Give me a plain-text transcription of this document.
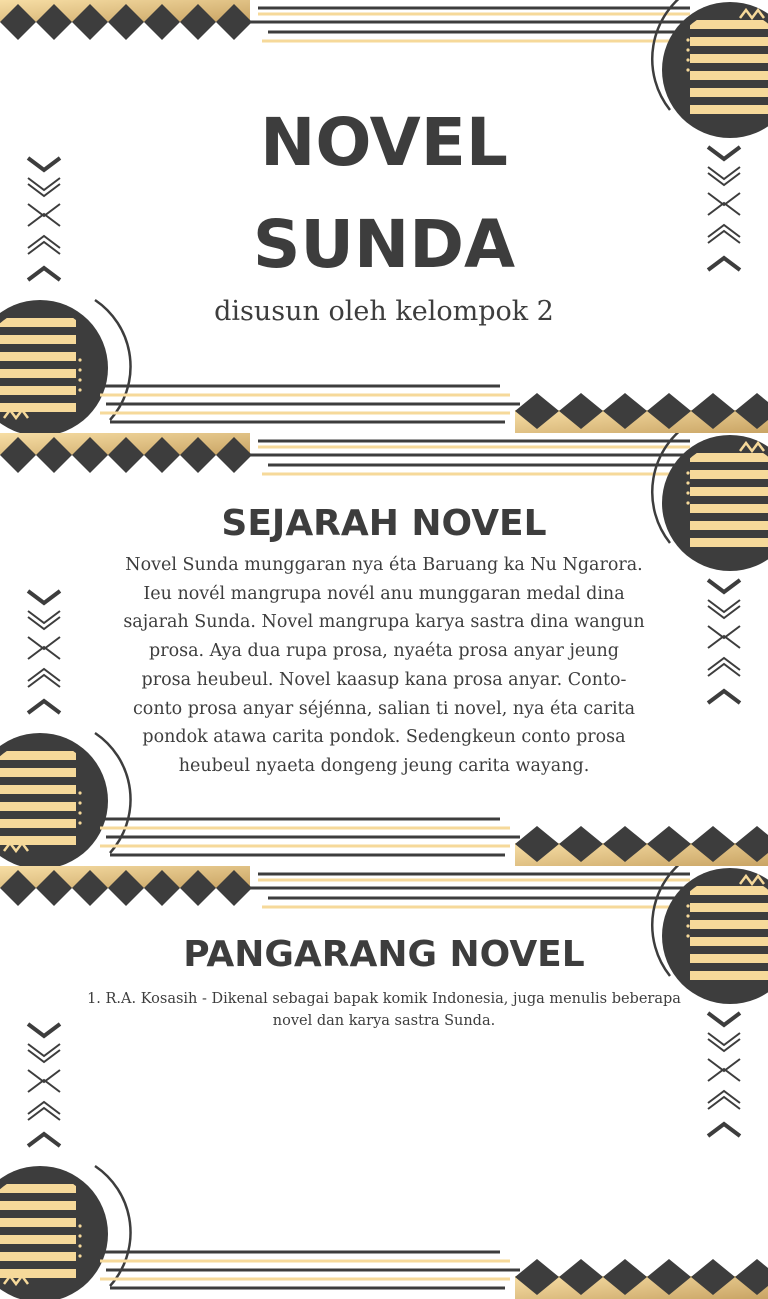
NOVEL
SUNDA
disusun oleh kelompok 2
SEJARAH NOVEL

Novel Sunda munggaran nya éta Baruang ka Nu Ngarora. Ieu novél mangrupa novél anu munggaran medal dina sajarah Sunda. Novel mangrupa karya sastra dina wangun prosa. Aya dua rupa prosa, nyaéta prosa anyar jeung prosa heubeul. Novel kaasup kana prosa anyar. Conto-conto prosa anyar séjénna, salian ti novel, nya éta carita pondok atawa carita pondok. Sedengkeun conto prosa heubeul nyaeta dongeng jeung carita wayang.

PANGARANG NOVEL
1. R.A. Kosasih - Dikenal sebagai bapak komik Indonesia, juga menulis beberapa novel dan karya sastra Sunda.
